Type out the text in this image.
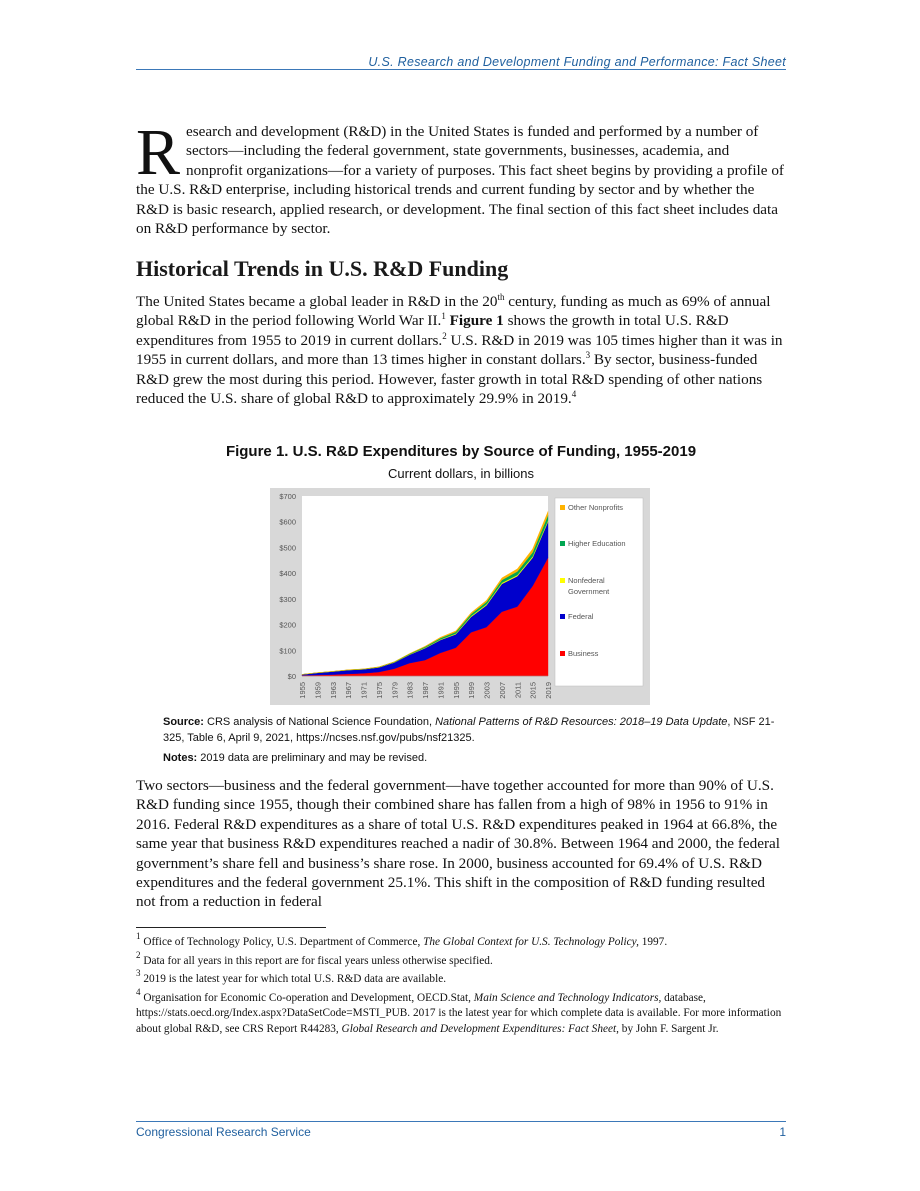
U.S. Research and Development Funding and Performance: Fact Sheet
Research and development (R&D) in the United States is funded and performed by a number of sectors—including the federal government, state governments, businesses, academia, and nonprofit organizations—for a variety of purposes. This fact sheet begins by providing a profile of the U.S. R&D enterprise, including historical trends and current funding by sector and by whether the R&D is basic research, applied research, or development. The final section of this fact sheet includes data on R&D performance by sector.
Historical Trends in U.S. R&D Funding
The United States became a global leader in R&D in the 20th century, funding as much as 69% of annual global R&D in the period following World War II.$^1$ Figure 1 shows the growth in total U.S. R&D expenditures from 1955 to 2019 in current dollars.$^2$ U.S. R&D in 2019 was 105 times higher than it was in 1955 in current dollars, and more than 13 times higher in constant dollars.$^3$ By sector, business-funded R&D grew the most during this period. However, faster growth in total R&D spending of other nations reduced the U.S. share of global R&D to approximately 29.9% in 2019.$^4$
Figure 1. U.S. R&D Expenditures by Source of Funding, 1955-2019
Current dollars, in billions
$0
$100
$200
$300
$400
$500
$600
$700
1955 1959 1963 1967 1971 1975 1979 1983 1987 1991 1995 1999 2003 2007 2011 2015 2019
Other Nonprofits
Higher Education
Nonfederal
Government
Federal
Business
Source: CRS analysis of National Science Foundation, National Patterns of R&D Resources: 2018–19 Data Update, NSF 21-325, Table 6, April 9, 2021, https://ncses.nsf.gov/pubs/nsf21325.
Notes: 2019 data are preliminary and may be revised.
Two sectors—business and the federal government—have together accounted for more than 90% of U.S. R&D funding since 1955, though their combined share has fallen from a high of 98% in 1956 to 91% in 2016. Federal R&D expenditures as a share of total U.S. R&D expenditures peaked in 1964 at 66.8%, the same year that business R&D expenditures reached a nadir of 30.8%. Between 1964 and 2000, the federal government’s share fell and business’s share rose. In 2000, business accounted for 69.4% of U.S. R&D expenditures and the federal government 25.1%. This shift in the composition of R&D funding resulted not from a reduction in federal
$^1$ Office of Technology Policy, U.S. Department of Commerce, The Global Context for U.S. Technology Policy, 1997.
$^2$ Data for all years in this report are for fiscal years unless otherwise specified.
$^3$ 2019 is the latest year for which total U.S. R&D data are available.
$^4$ Organisation for Economic Co-operation and Development, OECD.Stat, Main Science and Technology Indicators, database, https://stats.oecd.org/Index.aspx?DataSetCode=MSTI_PUB. 2017 is the latest year for which complete data is available. For more information about global R&D, see CRS Report R44283, Global Research and Development Expenditures: Fact Sheet, by John F. Sargent Jr.
Congressional Research Service	1
